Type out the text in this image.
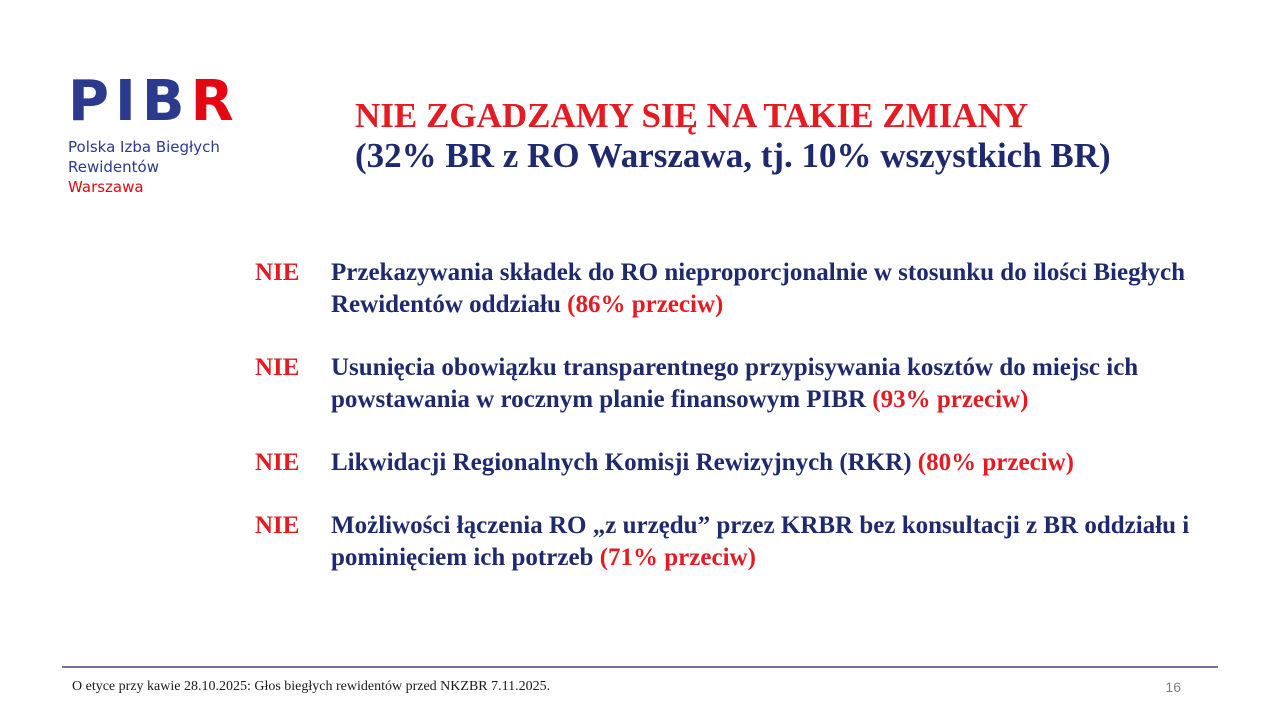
PIBR
Polska Izba Biegłych
Rewidentów
Warszawa
NIE ZGADZAMY SIĘ NA TAKIE ZMIANY
(32% BR z RO Warszawa, tj. 10% wszystkich BR)
NIE	Przekazywania składek do RO nieproporcjonalnie w stosunku do ilości Biegłych Rewidentów oddziału (86% przeciw)
NIE	Usunięcia obowiązku transparentnego przypisywania kosztów do miejsc ich powstawania w rocznym planie finansowym PIBR (93% przeciw)
NIE	Likwidacji Regionalnych Komisji Rewizyjnych (RKR) (80% przeciw)
NIE	Możliwości łączenia RO „z urzędu” przez KRBR bez konsultacji z BR oddziału i pominięciem ich potrzeb (71% przeciw)
O etyce przy kawie 28.10.2025: Głos biegłych rewidentów przed NKZBR 7.11.2025.	16
